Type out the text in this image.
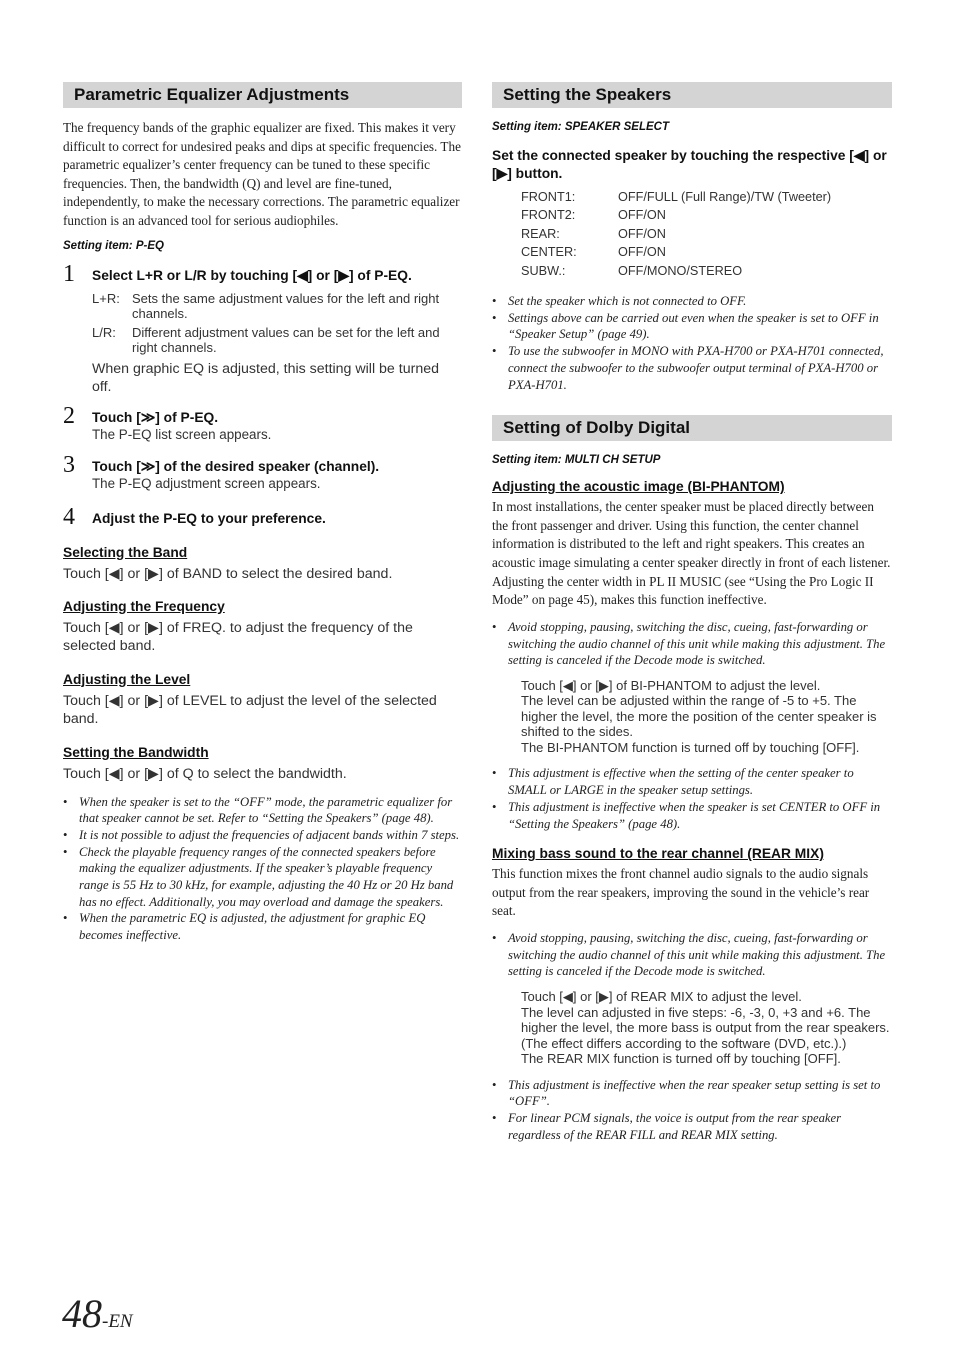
Parametric Equalizer Adjustments

The frequency bands of the graphic equalizer are fixed. This makes it very difficult to correct for undesired peaks and dips at specific frequencies. The parametric equalizer’s center frequency can be tuned to these specific frequencies. Then, the bandwidth (Q) and level are fine-tuned, independently, to make the necessary corrections. The parametric equalizer function is an advanced tool for serious audiophiles.

Setting item: P-EQ
1 Select L+R or L/R by touching [◀] or [▶] of P-EQ.
L+R: Sets the same adjustment values for the left and right channels.
L/R:	Different adjustment values can be set for the left and right channels.
When graphic EQ is adjusted, this setting will be turned off.
2 Touch [≫] of P-EQ.
The P-EQ list screen appears.
3 Touch [≫] of the desired speaker (channel).
The P-EQ adjustment screen appears.
4 Adjust the P-EQ to your preference.
Selecting the Band
Touch [◀] or [▶] of BAND to select the desired band.
Adjusting the Frequency
Touch [◀] or [▶] of FREQ. to adjust the frequency of the selected band.
Adjusting the Level
Touch [◀] or [▶] of LEVEL to adjust the level of the selected band.
Setting the Bandwidth
Touch [◀] or [▶] of Q to select the bandwidth.
• When the speaker is set to the “OFF” mode, the parametric equalizer for that speaker cannot be set. Refer to “Setting the Speakers” (page 48).
• It is not possible to adjust the frequencies of adjacent bands within 7 steps.
• Check the playable frequency ranges of the connected speakers before making the equalizer adjustments. If the speaker’s playable frequency range is 55 Hz to 30 kHz, for example, adjusting the 40 Hz or 20 Hz band has no effect. Additionally, you may overload and damage the speakers.
• When the parametric EQ is adjusted, the adjustment for graphic EQ becomes ineffective.
Setting the Speakers
Setting item: SPEAKER SELECT
Set the connected speaker by touching the respective [◀] or [▶] button.
FRONT1:	OFF/FULL (Full Range)/TW (Tweeter)
FRONT2:	OFF/ON
REAR:	OFF/ON
CENTER:	OFF/ON
SUBW.:	OFF/MONO/STEREO
• Set the speaker which is not connected to OFF.
• Settings above can be carried out even when the speaker is set to OFF in “Speaker Setup” (page 49).
• To use the subwoofer in MONO with PXA-H700 or PXA-H701 connected, connect the subwoofer to the subwoofer output terminal of PXA-H700 or PXA-H701.
Setting of Dolby Digital
Setting item: MULTI CH SETUP
Adjusting the acoustic image (BI-PHANTOM)

In most installations, the center speaker must be placed directly between the front passenger and driver. Using this function, the center channel information is distributed to the left and right speakers. This creates an acoustic image simulating a center speaker directly in front of each listener. Adjusting the center width in PL II MUSIC (see “Using the Pro Logic II Mode” on page 45), makes this function ineffective.

• Avoid stopping, pausing, switching the disc, cueing, fast-forwarding or switching the audio channel of this unit while making this adjustment. The setting is canceled if the Decode mode is switched.
Touch [◀] or [▶] of BI-PHANTOM to adjust the level.
The level can be adjusted within the range of -5 to +5. The higher the level, the more the position of the center speaker is shifted to the sides.
The BI-PHANTOM function is turned off by touching [OFF].
• This adjustment is effective when the setting of the center speaker to SMALL or LARGE in the speaker setup settings.
• This adjustment is ineffective when the speaker is set CENTER to OFF in “Setting the Speakers” (page 48).
Mixing bass sound to the rear channel (REAR MIX)

This function mixes the front channel audio signals to the audio signals output from the rear speakers, improving the sound in the vehicle’s rear seat.

• Avoid stopping, pausing, switching the disc, cueing, fast-forwarding or switching the audio channel of this unit while making this adjustment. The setting is canceled if the Decode mode is switched.
Touch [◀] or [▶] of REAR MIX to adjust the level.
The level can adjusted in five steps: -6, -3, 0, +3 and +6. The higher the level, the more bass is output from the rear speakers. (The effect differs according to the software (DVD, etc.).)
The REAR MIX function is turned off by touching [OFF].
• This adjustment is ineffective when the rear speaker setup setting is set to “OFF”.
• For linear PCM signals, the voice is output from the rear speaker regardless of the REAR FILL and REAR MIX setting.
48-EN
